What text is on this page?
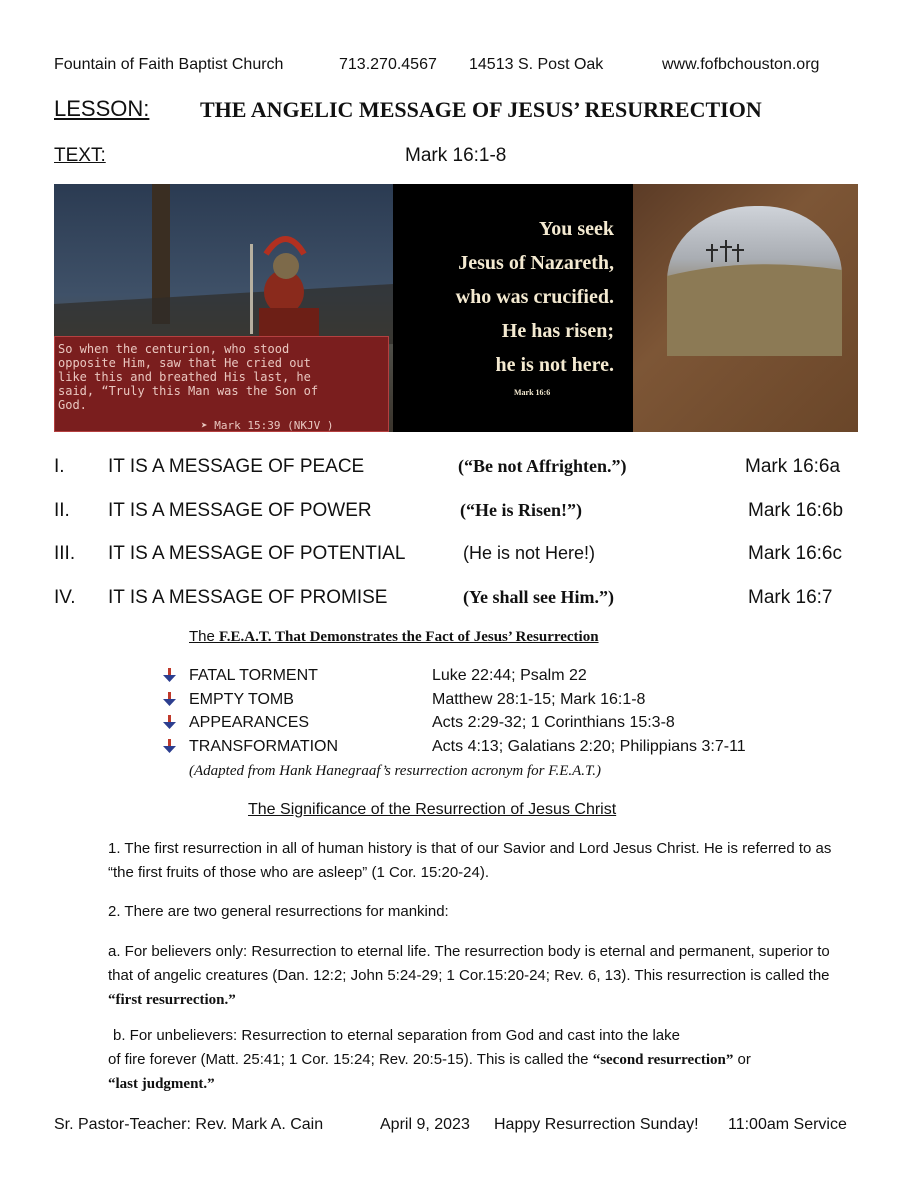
Fountain of Faith Baptist Church	713.270.4567 14513 S. Post Oak	www.fofbchouston.org
LESSON: THE ANGELIC MESSAGE OF JESUS’ RESURRECTION
TEXT:	Mark 16:1-8
So when the centurion, who stood
opposite Him, saw that He cried out
like this and breathed His last, he
said, “Truly this Man was the Son of
God.
➤ Mark 15:39 (NKJV )
You seek
Jesus of Nazareth,
who was crucified.
He has risen;
he is not here.
Mark 16:6
I. IT IS A MESSAGE OF PEACE	(“Be not Affrighten.”)	Mark 16:6a
II. IT IS A MESSAGE OF POWER	(“He is Risen!”)	Mark 16:6b
III. IT IS A MESSAGE OF POTENTIAL	(He is not Here!)	Mark 16:6c
IV. IT IS A MESSAGE OF PROMISE	(Ye shall see Him.”)	Mark 16:7
The F.E.A.T. That Demonstrates the Fact of Jesus’ Resurrection
FATAL TORMENT	Luke 22:44; Psalm 22
EMPTY TOMB	Matthew 28:1-15; Mark 16:1-8
APPEARANCES	Acts 2:29-32; 1 Corinthians 15:3-8
TRANSFORMATION	Acts 4:13; Galatians 2:20; Philippians 3:7-11
(Adapted from Hank Hanegraaf’s resurrection acronym for F.E.A.T.)
The Significance of the Resurrection of Jesus Christ
1. The first resurrection in all of human history is that of our Savior and Lord Jesus Christ. He is referred to as “the first fruits of those who are asleep” (1 Cor. 15:20-24).
2. There are two general resurrections for mankind:
a. For believers only: Resurrection to eternal life. The resurrection body is eternal and permanent, superior to that of angelic creatures (Dan. 12:2; John 5:24-29; 1 Cor.15:20-24; Rev. 6, 13). This resurrection is called the “first resurrection.”
b. For unbelievers: Resurrection to eternal separation from God and cast into the lake
of fire forever (Matt. 25:41; 1 Cor. 15:24; Rev. 20:5-15). This is called the “second resurrection” or
“last judgment.”
Sr. Pastor-Teacher: Rev. Mark A. Cain	April 9, 2023 Happy Resurrection Sunday! 11:00am Service
